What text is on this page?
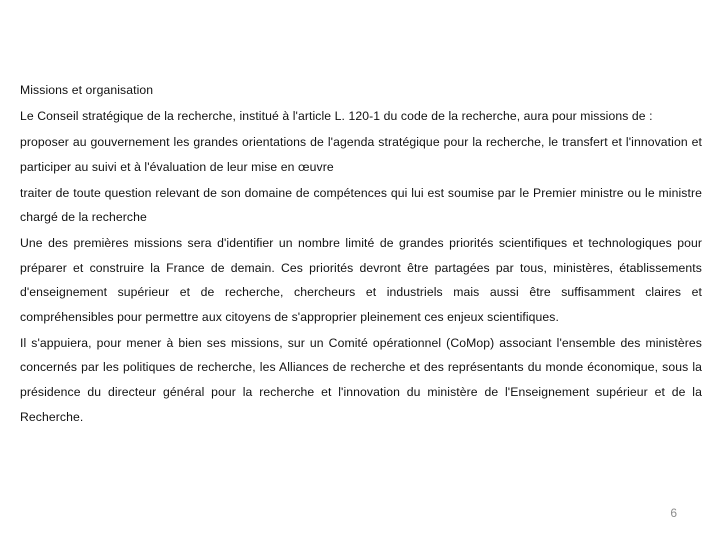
Missions et organisation

Le Conseil stratégique de la recherche, institué à l'article L. 120-1 du code de la recherche, aura pour missions de :

proposer au gouvernement les grandes orientations de l'agenda stratégique pour la recherche, le transfert et l'innovation et participer au suivi et à l'évaluation de leur mise en œuvre

traiter de toute question relevant de son domaine de compétences qui lui est soumise par le Premier ministre ou le ministre chargé de la recherche

Une des premières missions sera d'identifier un nombre limité de grandes priorités scientifiques et technologiques pour préparer et construire la France de demain. Ces priorités devront être partagées par tous, ministères, établissements d'enseignement supérieur et de recherche, chercheurs et industriels mais aussi être suffisamment claires et compréhensibles pour permettre aux citoyens de s'approprier pleinement ces enjeux scientifiques.

Il s'appuiera, pour mener à bien ses missions, sur un Comité opérationnel (CoMop) associant l'ensemble des ministères concernés par les politiques de recherche, les Alliances de recherche et des représentants du monde économique, sous la présidence du directeur général pour la recherche et l'innovation du ministère de l'Enseignement supérieur et de la Recherche.

6
